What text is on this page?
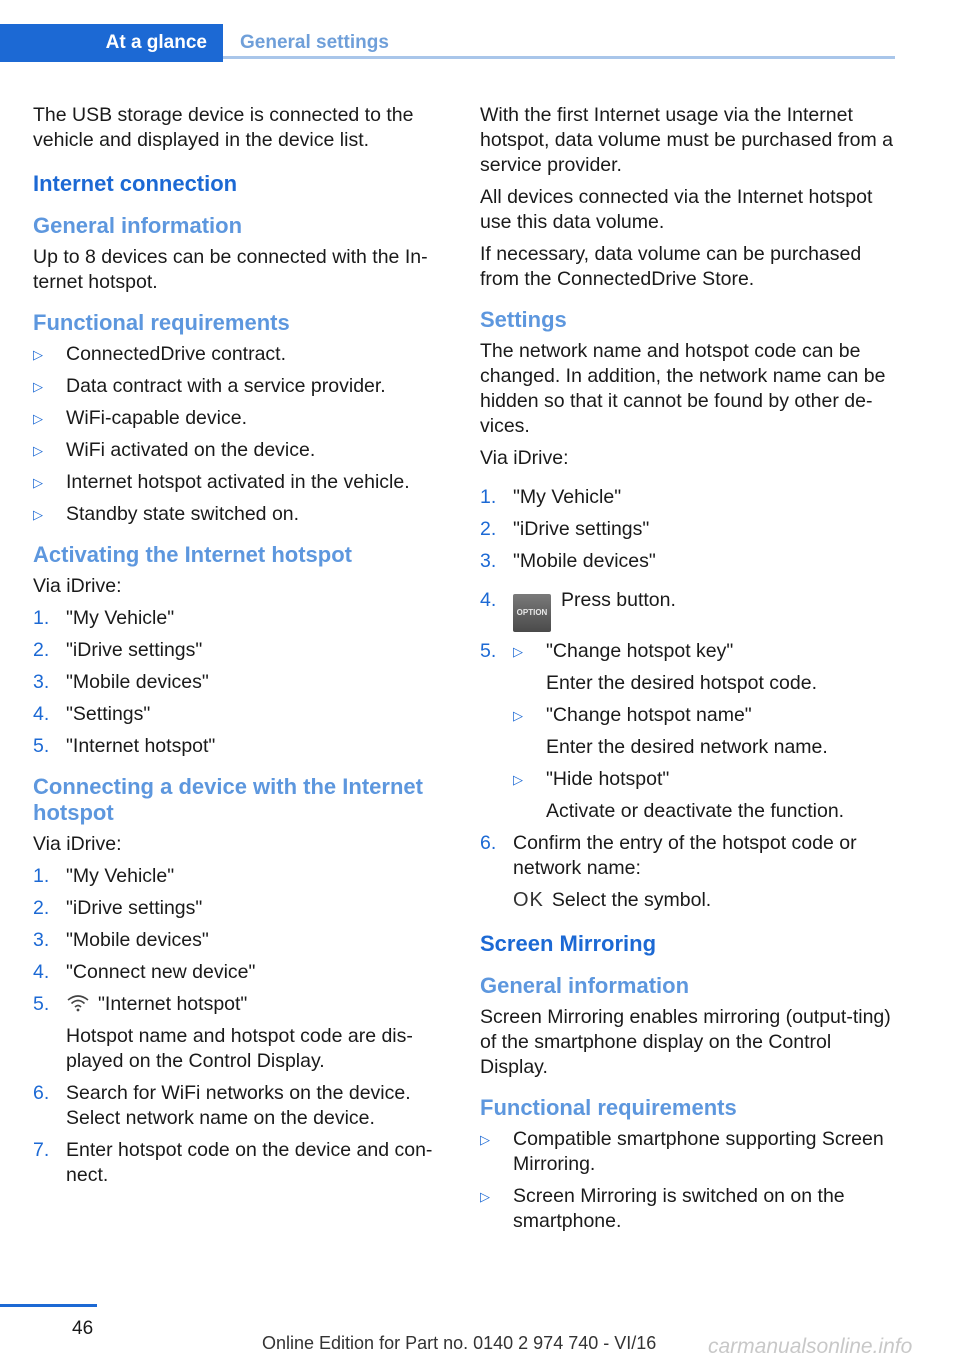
At a glance	General settings

The USB storage device is connected to the vehicle and displayed in the device list.

Internet connection
General information

Up to 8 devices can be connected with the In‐ternet hotspot.

Functional requirements
▷ ConnectedDrive contract.
▷ Data contract with a service provider.
▷ WiFi-capable device.
▷ WiFi activated on the device.
▷ Internet hotspot activated in the vehicle.
▷ Standby state switched on.
Activating the Internet hotspot

Via iDrive:

1. "My Vehicle"
2. "iDrive settings"
3. "Mobile devices"
4. "Settings"
5. "Internet hotspot"
Connecting a device with the Internet hotspot

Via iDrive:

1. "My Vehicle"
2. "iDrive settings"
3. "Mobile devices"
4. "Connect new device"
5. "Internet hotspot"
Hotspot name and hotspot code are dis‐played on the Control Display.
6. Search for WiFi networks on the device. Select network name on the device.
7. Enter hotspot code on the device and con‐nect.

With the first Internet usage via the Internet hotspot, data volume must be purchased from a service provider.

All devices connected via the Internet hotspot use this data volume.

If necessary, data volume can be purchased from the ConnectedDrive Store.

Settings

The network name and hotspot code can be changed. In addition, the network name can be hidden so that it cannot be found by other de‐vices.

Via iDrive:

1. "My Vehicle"
2. "iDrive settings"
3. "Mobile devices"
4.
OPTIONPress button.
5. ▷ "Change hotspot key"
Enter the desired hotspot code.
▷ "Change hotspot name"
Enter the desired network name.
▷ "Hide hotspot"
Activate or deactivate the function.
6. Confirm the entry of the hotspot code or network name:
OK Select the symbol.
Screen Mirroring
General information

Screen Mirroring enables mirroring (output‐ting) of the smartphone display on the Control Display.

Functional requirements
▷ Compatible smartphone supporting Screen Mirroring.
▷ Screen Mirroring is switched on on the smartphone.
46
Online Edition for Part no. 0140 2 974 740 - VI/16 carmanualsonline.info
